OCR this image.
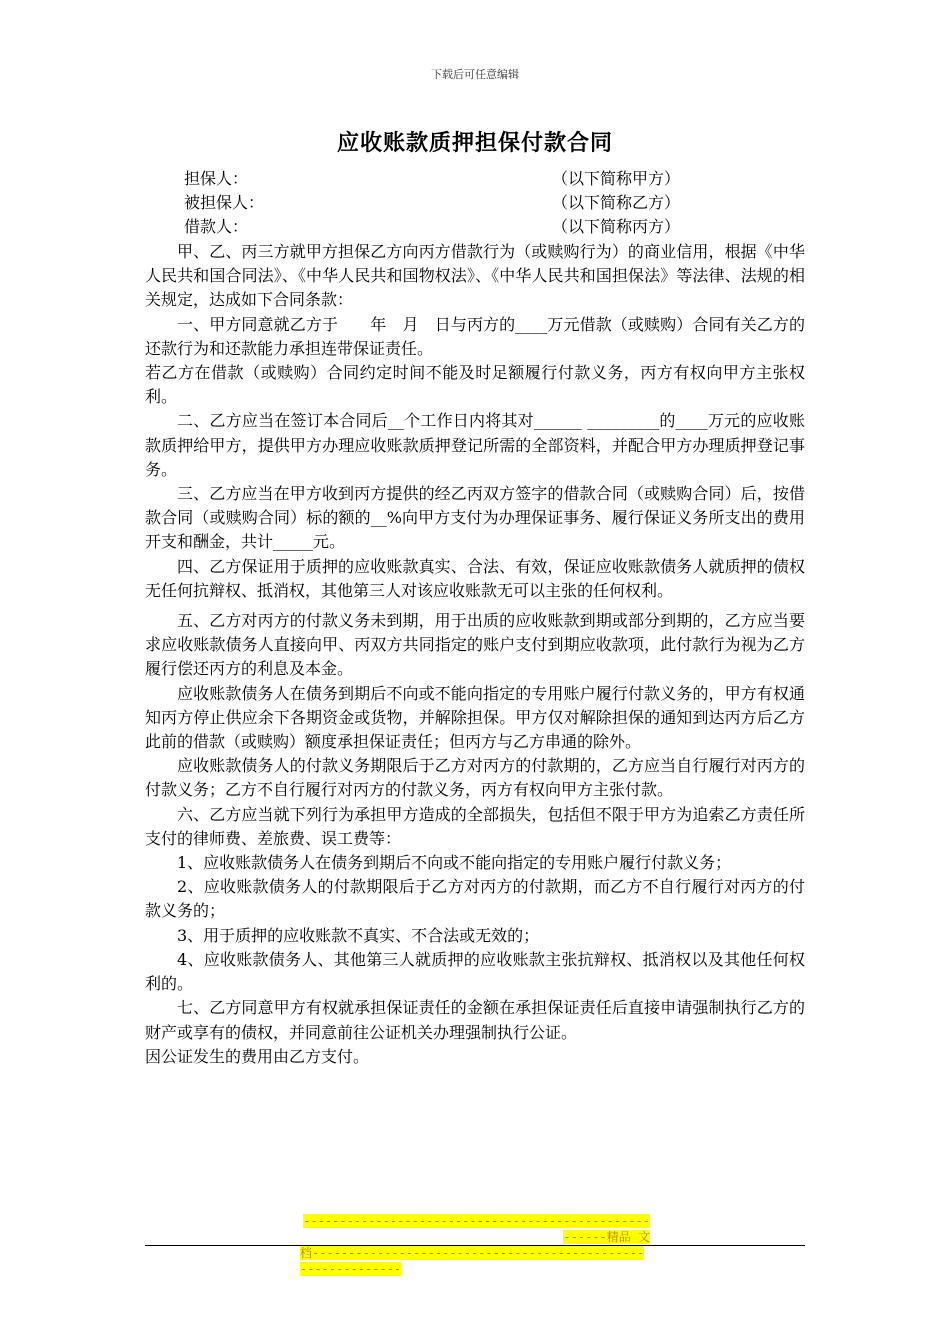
下载后可任意编辑
应收账款质押担保付款合同
担保人：	（以下简称甲方）
被担保人：	（以下简称乙方）
借款人：	（以下简称丙方）

甲、乙、丙三方就甲方担保乙方向丙方借款行为（或赎购行为）的商业信用，根据《中华人民共和国合同法》、《中华人民共和国物权法》、《中华人民共和国担保法》等法律、法规的相关规定，达成如下合同条款：

一、甲方同意就乙方于　　年　月　日与丙方的____万元借款（或赎购）合同有关乙方的还款行为和还款能力承担连带保证责任。

若乙方在借款（或赎购）合同约定时间不能及时足额履行付款义务，丙方有权向甲方主张权利。

二、乙方应当在签订本合同后__个工作日内将其对______ _________的____万元的应收账款质押给甲方，提供甲方办理应收账款质押登记所需的全部资料，并配合甲方办理质押登记事务。

三、乙方应当在甲方收到丙方提供的经乙丙双方签字的借款合同（或赎购合同）后，按借款合同（或赎购合同）标的额的__%向甲方支付为办理保证事务、履行保证义务所支出的费用开支和酬金，共计_____元。

四、乙方保证用于质押的应收账款真实、合法、有效，保证应收账款债务人就质押的债权无任何抗辩权、抵消权，其他第三人对该应收账款无可以主张的任何权利。

五、乙方对丙方的付款义务未到期，用于出质的应收账款到期或部分到期的，乙方应当要求应收账款债务人直接向甲、丙双方共同指定的账户支付到期应收款项，此付款行为视为乙方履行偿还丙方的利息及本金。

应收账款债务人在债务到期后不向或不能向指定的专用账户履行付款义务的，甲方有权通知丙方停止供应余下各期资金或货物，并解除担保。甲方仅对解除担保的通知到达丙方后乙方此前的借款（或赎购）额度承担保证责任；但丙方与乙方串通的除外。

应收账款债务人的付款义务期限后于乙方对丙方的付款期的，乙方应当自行履行对丙方的付款义务；乙方不自行履行对丙方的付款义务，丙方有权向甲方主张付款。

六、乙方应当就下列行为承担甲方造成的全部损失，包括但不限于甲方为追索乙方责任所支付的律师费、差旅费、误工费等：

1、应收账款债务人在债务到期后不向或不能向指定的专用账户履行付款义务；

2、应收账款债务人的付款期限后于乙方对丙方的付款期，而乙方不自行履行对丙方的付款义务的；

3、用于质押的应收账款不真实、不合法或无效的；

4、应收账款债务人、其他第三人就质押的应收账款主张抗辩权、抵消权以及其他任何权利的。

七、乙方同意甲方有权就承担保证责任的金额在承担保证责任后直接申请强制执行乙方的财产或享有的债权，并同意前往公证机关办理强制执行公证。

因公证发生的费用由乙方支付。

------------------------------------------------------精品 文
档------------------------------------------------------------
